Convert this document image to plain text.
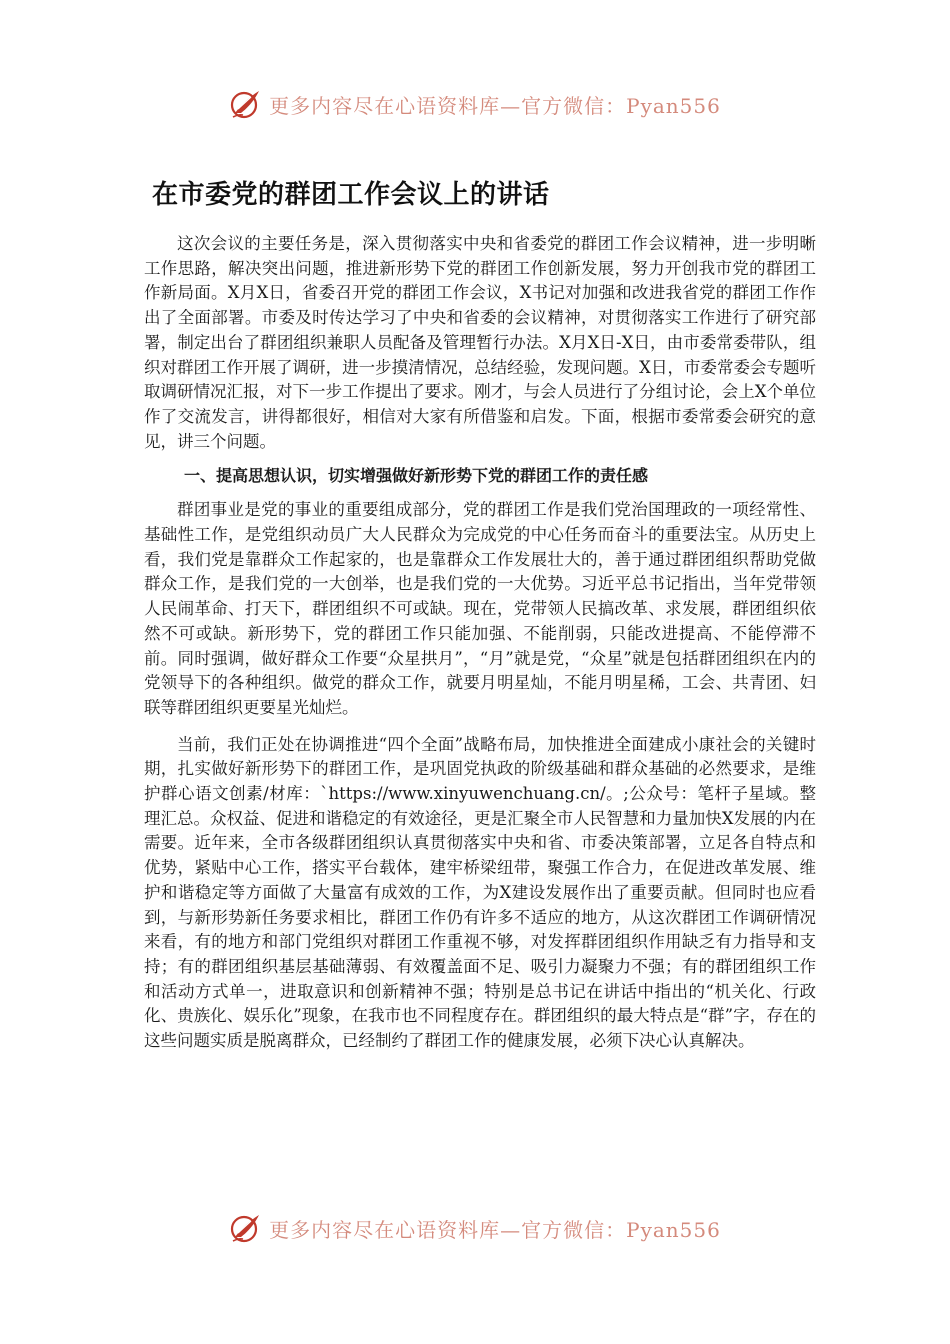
更多内容尽在心语资料库—官方微信：Pyan556
在市委党的群团工作会议上的讲话

这次会议的主要任务是，深入贯彻落实中央和省委党的群团工作会议精神，进一步明晰工作思路，解决突出问题，推进新形势下党的群团工作创新发展，努力开创我市党的群团工作新局面。X月X日，省委召开党的群团工作会议，X书记对加强和改进我省党的群团工作作出了全面部署。市委及时传达学习了中央和省委的会议精神，对贯彻落实工作进行了研究部署，制定出台了群团组织兼职人员配备及管理暂行办法。X月X日-X日，由市委常委带队，组织对群团工作开展了调研，进一步摸清情况，总结经验，发现问题。X日，市委常委会专题听取调研情况汇报，对下一步工作提出了要求。刚才，与会人员进行了分组讨论，会上X个单位作了交流发言，讲得都很好，相信对大家有所借鉴和启发。下面，根据市委常委会研究的意见，讲三个问题。

一、提高思想认识，切实增强做好新形势下党的群团工作的责任感

群团事业是党的事业的重要组成部分，党的群团工作是我们党治国理政的一项经常性、基础性工作，是党组织动员广大人民群众为完成党的中心任务而奋斗的重要法宝。从历史上看，我们党是靠群众工作起家的，也是靠群众工作发展壮大的，善于通过群团组织帮助党做群众工作，是我们党的一大创举，也是我们党的一大优势。习近平总书记指出，当年党带领人民闹革命、打天下，群团组织不可或缺。现在，党带领人民搞改革、求发展，群团组织依然不可或缺。新形势下，党的群团工作只能加强、不能削弱，只能改进提高、不能停滞不前。同时强调，做好群众工作要“众星拱月”，“月”就是党，“众星”就是包括群团组织在内的党领导下的各种组织。做党的群众工作，就要月明星灿，不能月明星稀，工会、共青团、妇联等群团组织更要星光灿烂。

当前，我们正处在协调推进“四个全面”战略布局，加快推进全面建成小康社会的关键时期，扎实做好新形势下的群团工作，是巩固党执政的阶级基础和群众基础的必然要求，是维护群心语文创素/材库：`https://www.xinyuwenchuang.cn/。;公众号：笔杆子星域。整理汇总。众权益、促进和谐稳定的有效途径，更是汇聚全市人民智慧和力量加快X发展的内在需要。近年来，全市各级群团组织认真贯彻落实中央和省、市委决策部署，立足各自特点和优势，紧贴中心工作，搭实平台载体，建牢桥梁纽带，聚强工作合力，在促进改革发展、维护和谐稳定等方面做了大量富有成效的工作，为X建设发展作出了重要贡献。但同时也应看到，与新形势新任务要求相比，群团工作仍有许多不适应的地方，从这次群团工作调研情况来看，有的地方和部门党组织对群团工作重视不够，对发挥群团组织作用缺乏有力指导和支持；有的群团组织基层基础薄弱、有效覆盖面不足、吸引力凝聚力不强；有的群团组织工作和活动方式单一，进取意识和创新精神不强；特别是总书记在讲话中指出的“机关化、行政化、贵族化、娱乐化”现象，在我市也不同程度存在。群团组织的最大特点是“群”字，存在的这些问题实质是脱离群众，已经制约了群团工作的健康发展，必须下决心认真解决。

更多内容尽在心语资料库—官方微信：Pyan556
